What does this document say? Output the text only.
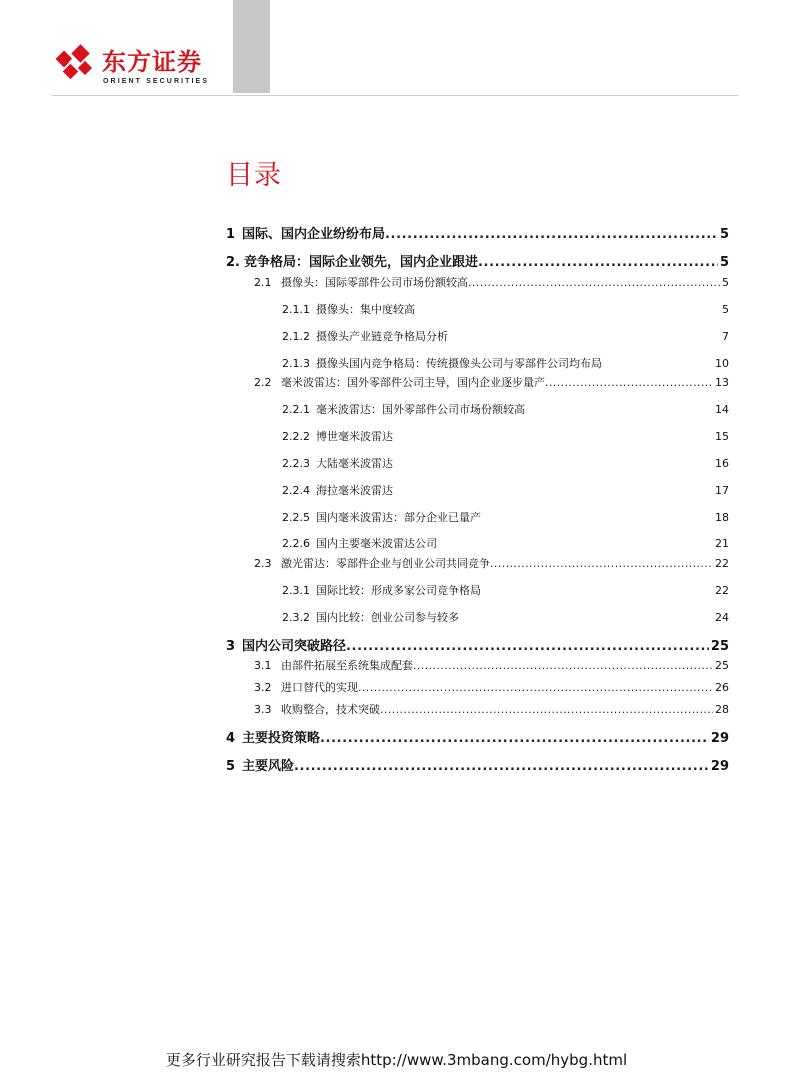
东方证券
ORIENT SECURITIES
目录
1 国际、国内企业纷纷布局 .....	5
2. 竞争格局：国际企业领先，国内企业跟进 .....	5
2.1 摄像头：国际零部件公司市场份额较高 .....	5
2.1.1 摄像头：集中度较高	5
2.1.2 摄像头产业链竞争格局分析	7
2.1.3 摄像头国内竞争格局：传统摄像头公司与零部件公司均布局	10
2.2 毫米波雷达：国外零部件公司主导，国内企业逐步量产 .....	13
2.2.1 毫米波雷达：国外零部件公司市场份额较高	14
2.2.2 博世毫米波雷达	15
2.2.3 大陆毫米波雷达	16
2.2.4 海拉毫米波雷达	17
2.2.5 国内毫米波雷达：部分企业已量产	18
2.2.6 国内主要毫米波雷达公司	21
2.3 激光雷达：零部件企业与创业公司共同竞争 .....	22
2.3.1 国际比较：形成多家公司竞争格局	22
2.3.2 国内比较：创业公司参与较多	24
3 国内公司突破路径 .....	25
3.1 由部件拓展至系统集成配套 .....	25
3.2 进口替代的实现 .....	26
3.3 收购整合，技术突破 .....	28
4 主要投资策略 .....	29
5 主要风险 .....	29
更多行业研究报告下载请搜索http://www.3mbang.com/hybg.html
